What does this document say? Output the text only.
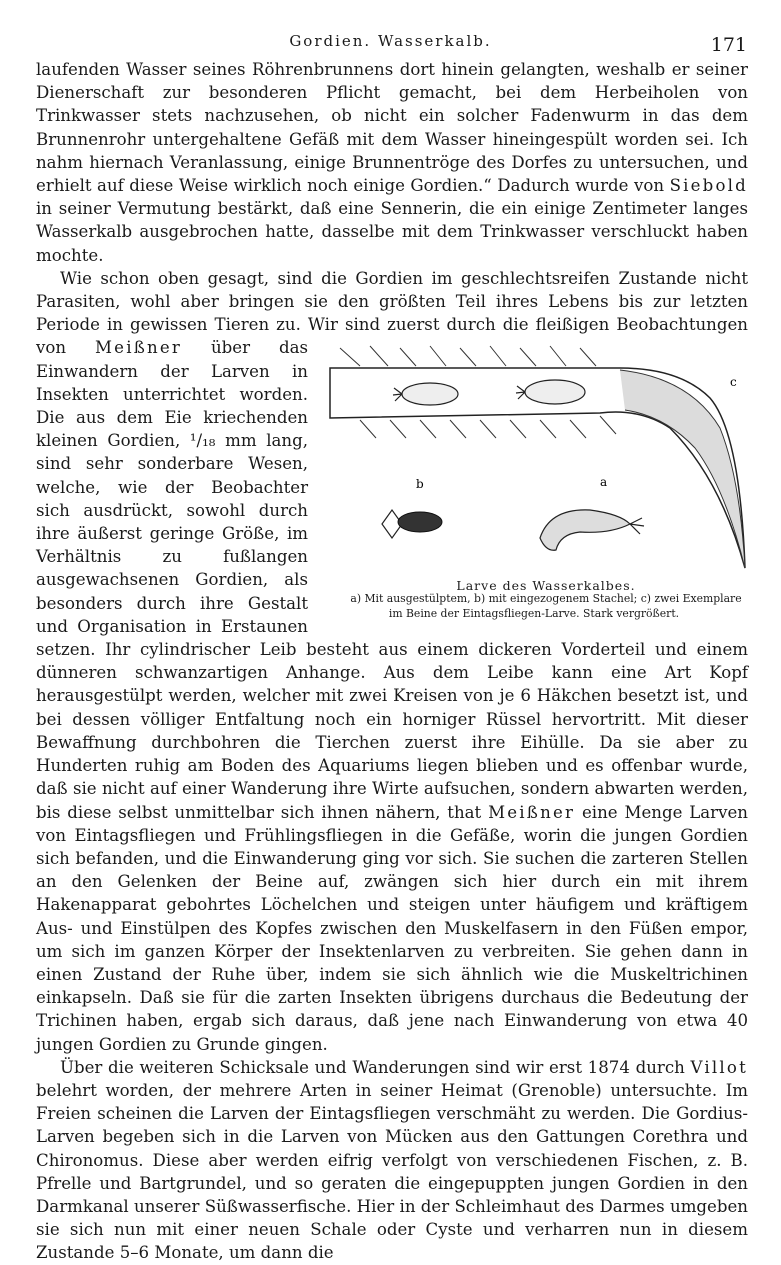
Gordien. Wasserkalb.	171

laufenden Wasser seines Röhrenbrunnens dort hinein gelangten, weshalb er seiner Dienerschaft zur besonderen Pflicht gemacht, bei dem Herbeiholen von Trinkwasser stets nachzusehen, ob nicht ein solcher Fadenwurm in das dem Brunnenrohr untergehaltene Gefäß mit dem Wasser hineingespült worden sei. Ich nahm hiernach Veranlassung, einige Brunnentröge des Dorfes zu untersuchen, und erhielt auf diese Weise wirklich noch einige Gordien.“ Dadurch wurde von Siebold in seiner Vermutung bestärkt, daß eine Sennerin, die ein einige Zentimeter langes Wasserkalb ausgebrochen hatte, dasselbe mit dem Trinkwasser verschluckt haben mochte.

Wie schon oben gesagt, sind die Gordien im geschlechtsreifen Zustande nicht Parasiten, wohl aber bringen sie den größten Teil ihres Lebens bis zur letzten Periode in gewissen Tieren zu. Wir sind zuerst durch die fleißigen Beobachtungen von Meißner
b	a
c
Larve des Wasserkalbes.
a) Mit ausgestülptem, b) mit eingezogenem Stachel; c) zwei Exemplare im Beine der Eintagsfliegen-Larve. Stark vergrößert.
über das Einwandern der Larven in Insekten unterrichtet worden. Die aus dem Eie kriechenden kleinen Gordien, ¹/₁₈ mm lang, sind sehr sonderbare Wesen, welche, wie der Beobachter sich ausdrückt, sowohl durch ihre äußerst geringe Größe, im Verhältnis zu fußlangen ausgewachsenen Gordien, als besonders durch ihre Gestalt und Organisation in Erstaunen setzen. Ihr cylindrischer Leib besteht aus einem dickeren Vorderteil und einem dünneren schwanzartigen Anhange. Aus dem Leibe kann eine Art Kopf herausgestülpt werden, welcher mit zwei Kreisen von je 6 Häkchen besetzt ist, und bei dessen völliger Entfaltung noch ein horniger Rüssel hervortritt. Mit dieser Bewaffnung durchbohren die Tierchen zuerst ihre Eihülle. Da sie aber zu Hunderten ruhig am Boden des Aquariums liegen blieben und es offenbar wurde, daß sie nicht auf einer Wanderung ihre Wirte aufsuchen, sondern abwarten werden, bis diese selbst unmittelbar sich ihnen nähern, that Meißner eine Menge Larven von Eintagsfliegen und Frühlingsfliegen in die Gefäße, worin die jungen Gordien sich befanden, und die Einwanderung ging vor sich. Sie suchen die zarteren Stellen an den Gelenken der Beine auf, zwängen sich hier durch ein mit ihrem Hakenapparat gebohrtes Löchelchen und steigen unter häufigem und kräftigem Aus- und Einstülpen des Kopfes zwischen den Muskelfasern in den Füßen empor, um sich im ganzen Körper der Insektenlarven zu verbreiten. Sie gehen dann in einen Zustand der Ruhe über, indem sie sich ähnlich wie die Muskeltrichinen einkapseln. Daß sie für die zarten Insekten übrigens durchaus die Bedeutung der Trichinen haben, ergab sich daraus, daß jene nach Einwanderung von etwa 40 jungen Gordien zu Grunde gingen.

Über die weiteren Schicksale und Wanderungen sind wir erst 1874 durch Villot belehrt worden, der mehrere Arten in seiner Heimat (Grenoble) untersuchte. Im Freien scheinen die Larven der Eintagsfliegen verschmäht zu werden. Die Gordius-Larven begeben sich in die Larven von Mücken aus den Gattungen Corethra und Chironomus. Diese aber werden eifrig verfolgt von verschiedenen Fischen, z. B. Pfrelle und Bartgrundel, und so geraten die eingepuppten jungen Gordien in den Darmkanal unserer Süßwasserfische. Hier in der Schleimhaut des Darmes umgeben sie sich nun mit einer neuen Schale oder Cyste und verharren nun in diesem Zustande 5–6 Monate, um dann die
